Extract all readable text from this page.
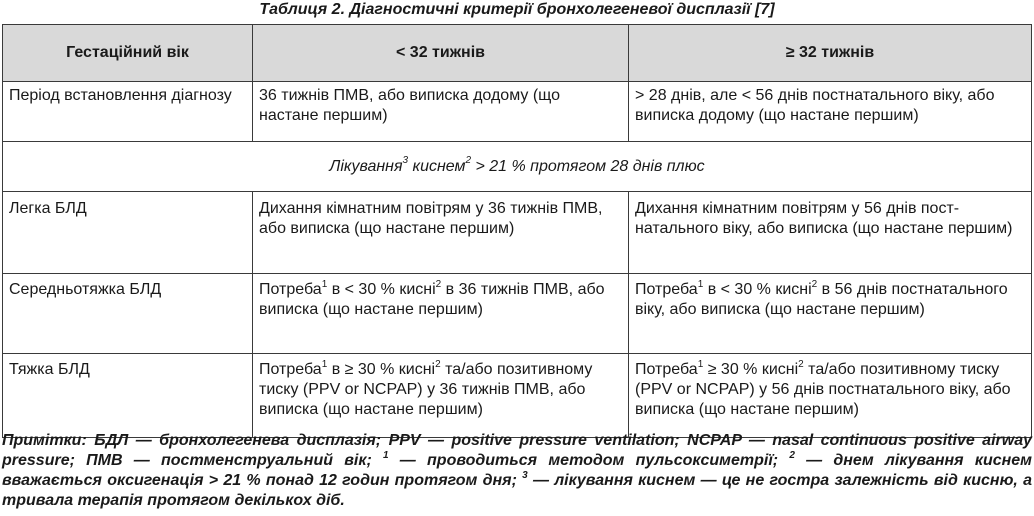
Таблиця 2. Діагностичні критерії бронхолегеневої дисплазії [7]
Гестаційний вік	< 32 тижнів	≥ 32 тижнів
Період встановлення діагнозу	36 тижнів ПМВ, або виписка додому (що настане першим)	> 28 днів, але < 56 днів постнатального віку, або виписка додому (що настане першим)
Лікування$^3$ киснем$^2$ > 21 % протягом 28 днів плюс		
Легка БЛД	Дихання кімнатним повітрям у 36 тижнів ПМВ, або виписка (що настане першим)	Дихання кімнатним повітрям у 56 днів постнатального віку, або виписка (що настане першим)
Середньотяжка БЛД	Потреба$^1$ в < 30 % кисні$^2$ в 36 тижнів ПМВ, або виписка (що настане першим)	Потреба$^1$ в < 30 % кисні$^2$ в 56 днів постнатального віку, або виписка (що настане першим)
Тяжка БЛД	Потреба$^1$ в ≥ 30 % кисні$^2$ та/або позитивному тиску (PPV or NCPAP) у 36 тижнів ПМВ, або виписка (що настане першим)	Потреба$^1$ ≥ 30 % кисні$^2$ та/або позитивному тиску (PPV or NCPAP) у 56 днів постнатального віку, або виписка (що настане першим)
Примітки: БДЛ — бронхолегенева дисплазія; PPV — positive pressure ventilation; NCPAP — nasal continuous positive airway pressure; ПМВ — постменструальний вік; $^1$ — проводиться методом пульсоксиметрії; $^2$ — днем лікування киснем вважається оксигенація > 21 % понад 12 годин протягом дня; $^3$ — лікування киснем — це не гостра залежність від кисню, а тривала терапія протягом декількох діб.
